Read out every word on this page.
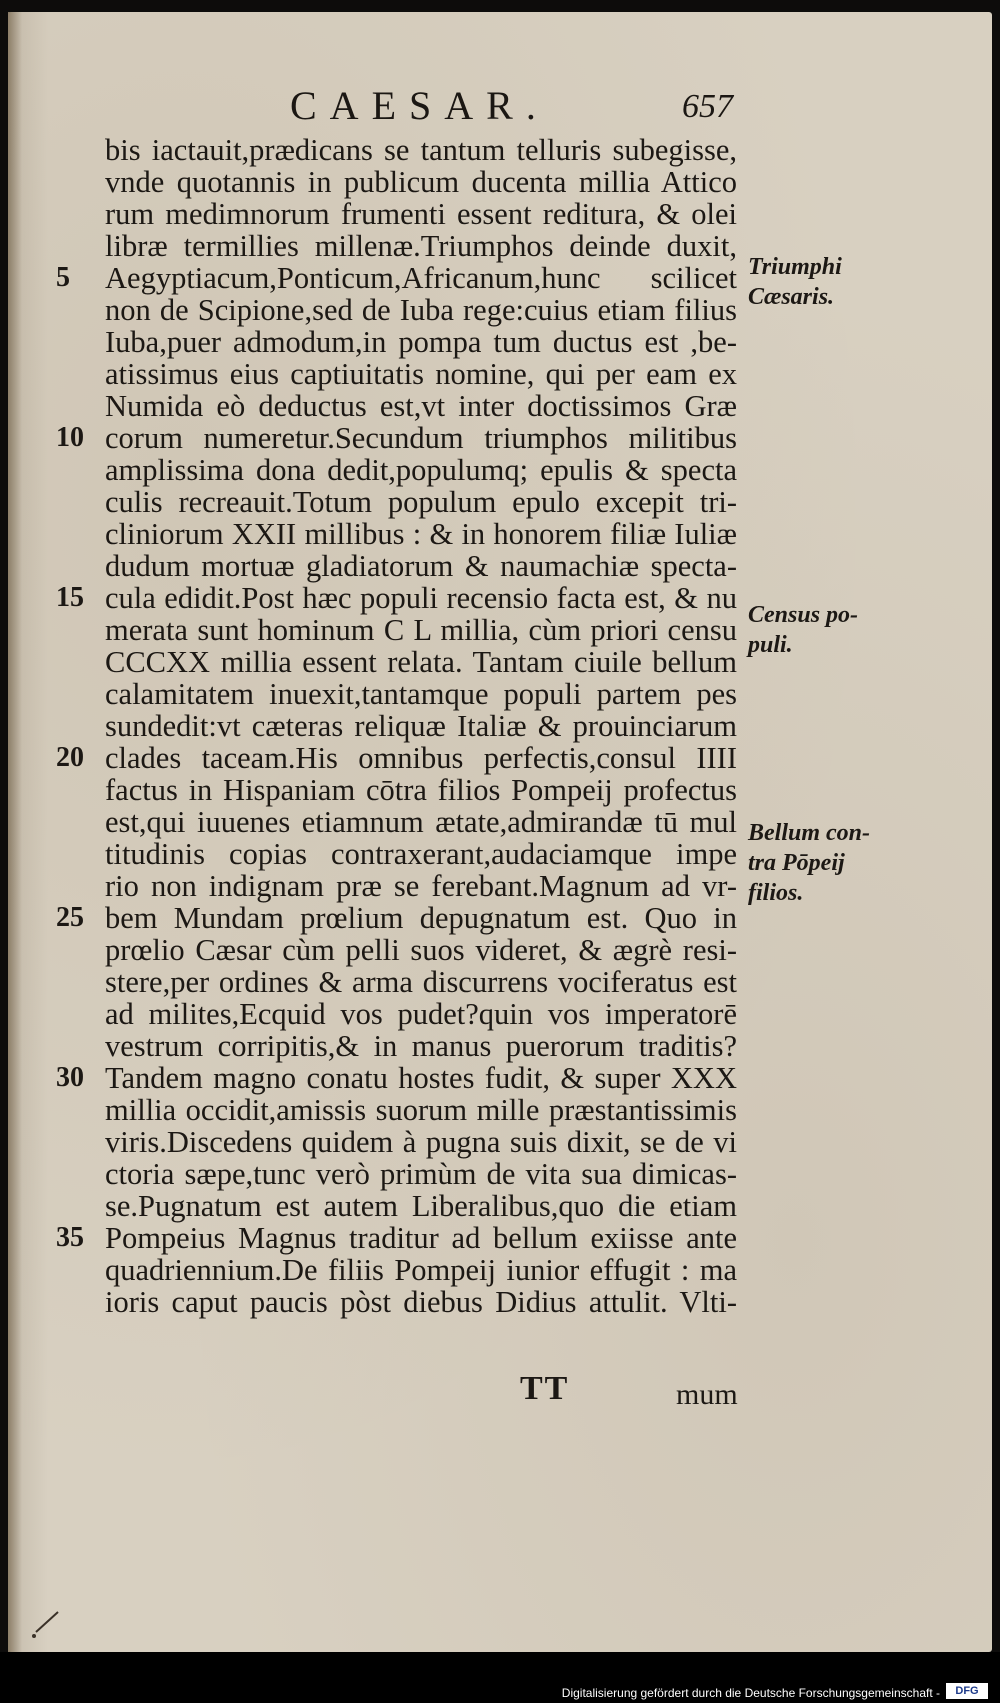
CAESAR.	657
bis iactauit,prædicans se tantum telluris subegisse,
vnde quotannis in publicum ducenta millia Attico
rum medimnorum frumenti essent reditura, & olei
libræ termillies millenæ.Triumphos deinde duxit,
Aegyptiacum,Ponticum,Africanum,hunc scilicet
non de Scipione,sed de Iuba rege:cuius etiam filius
Iuba,puer admodum,in pompa tum ductus est ,be-
atissimus eius captiuitatis nomine, qui per eam ex
Numida eò deductus est,vt inter doctissimos Græ
corum numeretur.Secundum triumphos militibus
amplissima dona dedit,populumq; epulis & specta
culis recreauit.Totum populum epulo excepit tri-
cliniorum XXII millibus : & in honorem filiæ Iuliæ
dudum mortuæ gladiatorum & naumachiæ specta-
cula edidit.Post hæc populi recensio facta est, & nu
merata sunt hominum C L millia, cùm priori censu
CCCXX millia essent relata. Tantam ciuile bellum
calamitatem inuexit,tantamque populi partem pes
sundedit:vt cæteras reliquæ Italiæ & prouinciarum
clades taceam.His omnibus perfectis,consul IIII
factus in Hispaniam cōtra filios Pompeij profectus
est,qui iuuenes etiamnum ætate,admirandæ tū mul
titudinis copias contraxerant,audaciamque impe
rio non indignam præ se ferebant.Magnum ad vr-
bem Mundam prœlium depugnatum est. Quo in
prœlio Cæsar cùm pelli suos videret, & ægrè resi-
stere,per ordines & arma discurrens vociferatus est
ad milites,Ecquid vos pudet?quin vos imperatorē
vestrum corripitis,& in manus puerorum traditis?
Tandem magno conatu hostes fudit, & super XXX
millia occidit,amissis suorum mille præstantissimis
viris.Discedens quidem à pugna suis dixit, se de vi
ctoria sæpe,tunc verò primùm de vita sua dimicas-
se.Pugnatum est autem Liberalibus,quo die etiam
Pompeius Magnus traditur ad bellum exiisse ante
quadriennium.De filiis Pompeij iunior effugit : ma
ioris caput paucis pòst diebus Didius attulit. Vlti-
5
10
15
20
25
30
35
Triumphi
Cæsaris.
Census po-
puli.
Bellum con-
tra Pōpeij
filios.
TT	mum
Digitalisierung gefördert durch die Deutsche Forschungsgemeinschaft -	DFG
